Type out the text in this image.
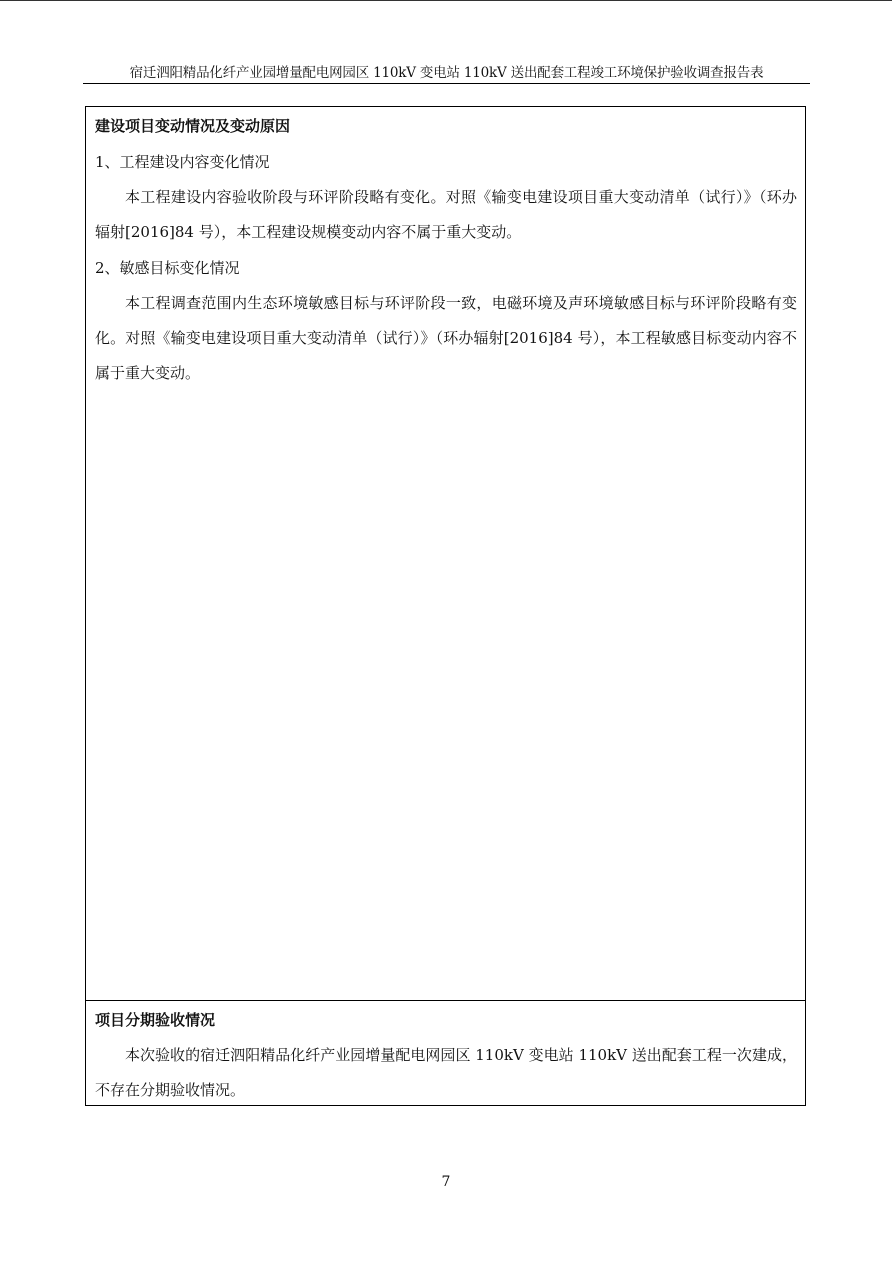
宿迁泗阳精品化纤产业园增量配电网园区 110kV 变电站 110kV 送出配套工程竣工环境保护验收调查报告表

建设项目变动情况及变动原因

1、工程建设内容变化情况

本工程建设内容验收阶段与环评阶段略有变化。对照《输变电建设项目重大变动清单（试行）》（环办辐射[2016]84 号），本工程建设规模变动内容不属于重大变动。

2、敏感目标变化情况

本工程调查范围内生态环境敏感目标与环评阶段一致，电磁环境及声环境敏感目标与环评阶段略有变化。对照《输变电建设项目重大变动清单（试行）》（环办辐射[2016]84 号），本工程敏感目标变动内容不属于重大变动。

项目分期验收情况

本次验收的宿迁泗阳精品化纤产业园增量配电网园区 110kV 变电站 110kV 送出配套工程一次建成，不存在分期验收情况。

7
